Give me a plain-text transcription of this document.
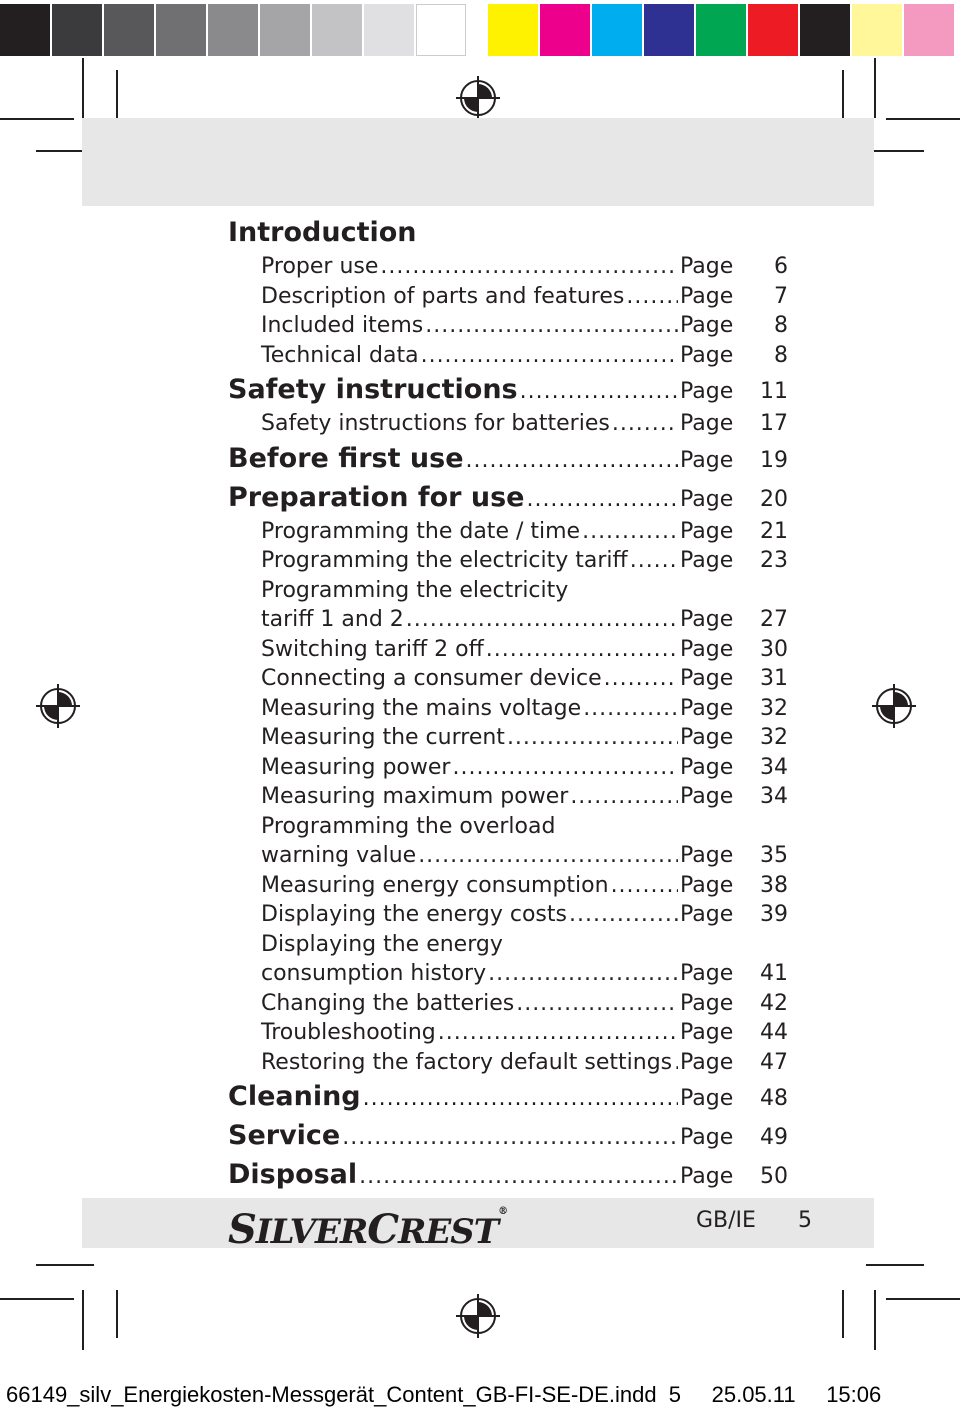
Introduction
Proper use .....	Page	6
Description of parts and features .....	Page	7
Included items .....	Page	8
Technical data .....	Page	8
Safety instructions .....	Page	11
Safety instructions for batteries .....	Page	17
Before first use .....	Page	19
Preparation for use .....	Page	20
Programming the date / time .....	Page	21
Programming the electricity tariff ..... Page	23
Programming the electricity
tariff 1 and 2 .....	Page	27
Switching tariff 2 off .....	Page	30
Connecting a consumer device .....	Page	31
Measuring the mains voltage .....	Page	32
Measuring the current .....	Page	32
Measuring power .....	Page	34
Measuring maximum power .....	Page	34
Programming the overload
warning value .....	Page	35
Measuring energy consumption .....	Page	38
Displaying the energy costs .....	Page	39
Displaying the energy
consumption history .....	Page	41
Changing the batteries .....	Page	42
Troubleshooting .....	Page	44
Restoring the factory default settings ..... Page	47
Cleaning .....	Page	48
Service .....	Page	49
Disposal .....	Page	50
SILVERCREST®	GB/IE 5
66149_silv_Energiekosten-Messgerät_Content_GB-FI-SE-DE.indd 5 25.05.11 15:06
